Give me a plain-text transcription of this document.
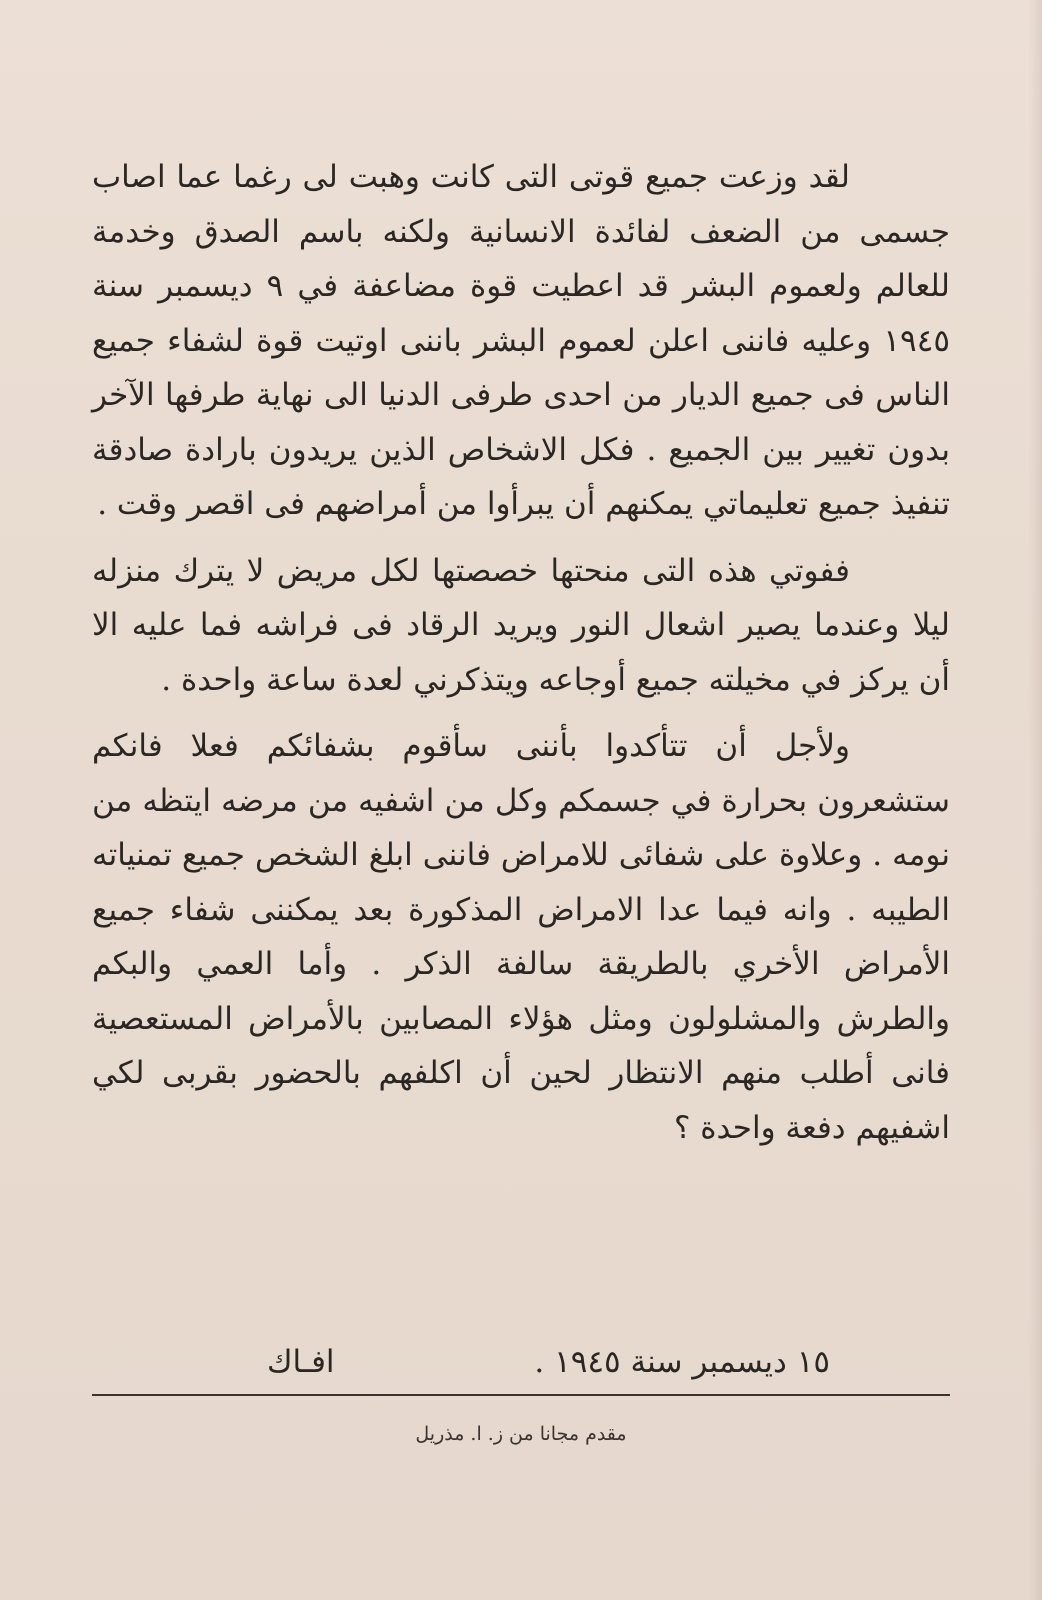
لقد وزعت جميع قوتى التى كانت وهبت لى رغما عما اصاب جسمى من الضعف لفائدة الانسانية ولكنه باسم الصدق وخدمة للعالم ولعموم البشر قد اعطيت قوة مضاعفة في ٩ ديسمبر سنة ١٩٤٥ وعليه فاننى اعلن لعموم البشر باننى اوتيت قوة لشفاء جميع الناس فى جميع الديار من احدى طرفى الدنيا الى نهاية طرفها الآخر بدون تغيير بين الجميع . فكل الاشخاص الذين يريدون بارادة صادقة تنفيذ جميع تعليماتي يمكنهم أن يبرأوا من أمراضهم فى اقصر وقت .

ففوتي هذه التى منحتها خصصتها لكل مريض لا يترك منزله ليلا وعندما يصير اشعال النور ويريد الرقاد فى فراشه فما عليه الا أن يركز في مخيلته جميع أوجاعه ويتذكرني لعدة ساعة واحدة .

ولأجل أن تتأكدوا بأننى سأقوم بشفائكم فعلا فانكم ستشعرون بحرارة في جسمكم وكل من اشفيه من مرضه ايتظه من نومه . وعلاوة على شفائى للامراض فاننى ابلغ الشخص جميع تمنياته الطيبه . وانه فيما عدا الامراض المذكورة بعد يمكننى شفاء جميع الأمراض الأخري بالطريقة سالفة الذكر . وأما العمي والبكم والطرش والمشلولون ومثل هؤلاء المصابين بالأمراض المستعصية فانى أطلب منهم الانتظار لحين أن اكلفهم بالحضور بقربى لكي اشفيهم دفعة واحدة ؟

١٥ ديسمبر سنة ١٩٤٥ .
افـاك
مقدم مجانا من ز. ا. مذريل
